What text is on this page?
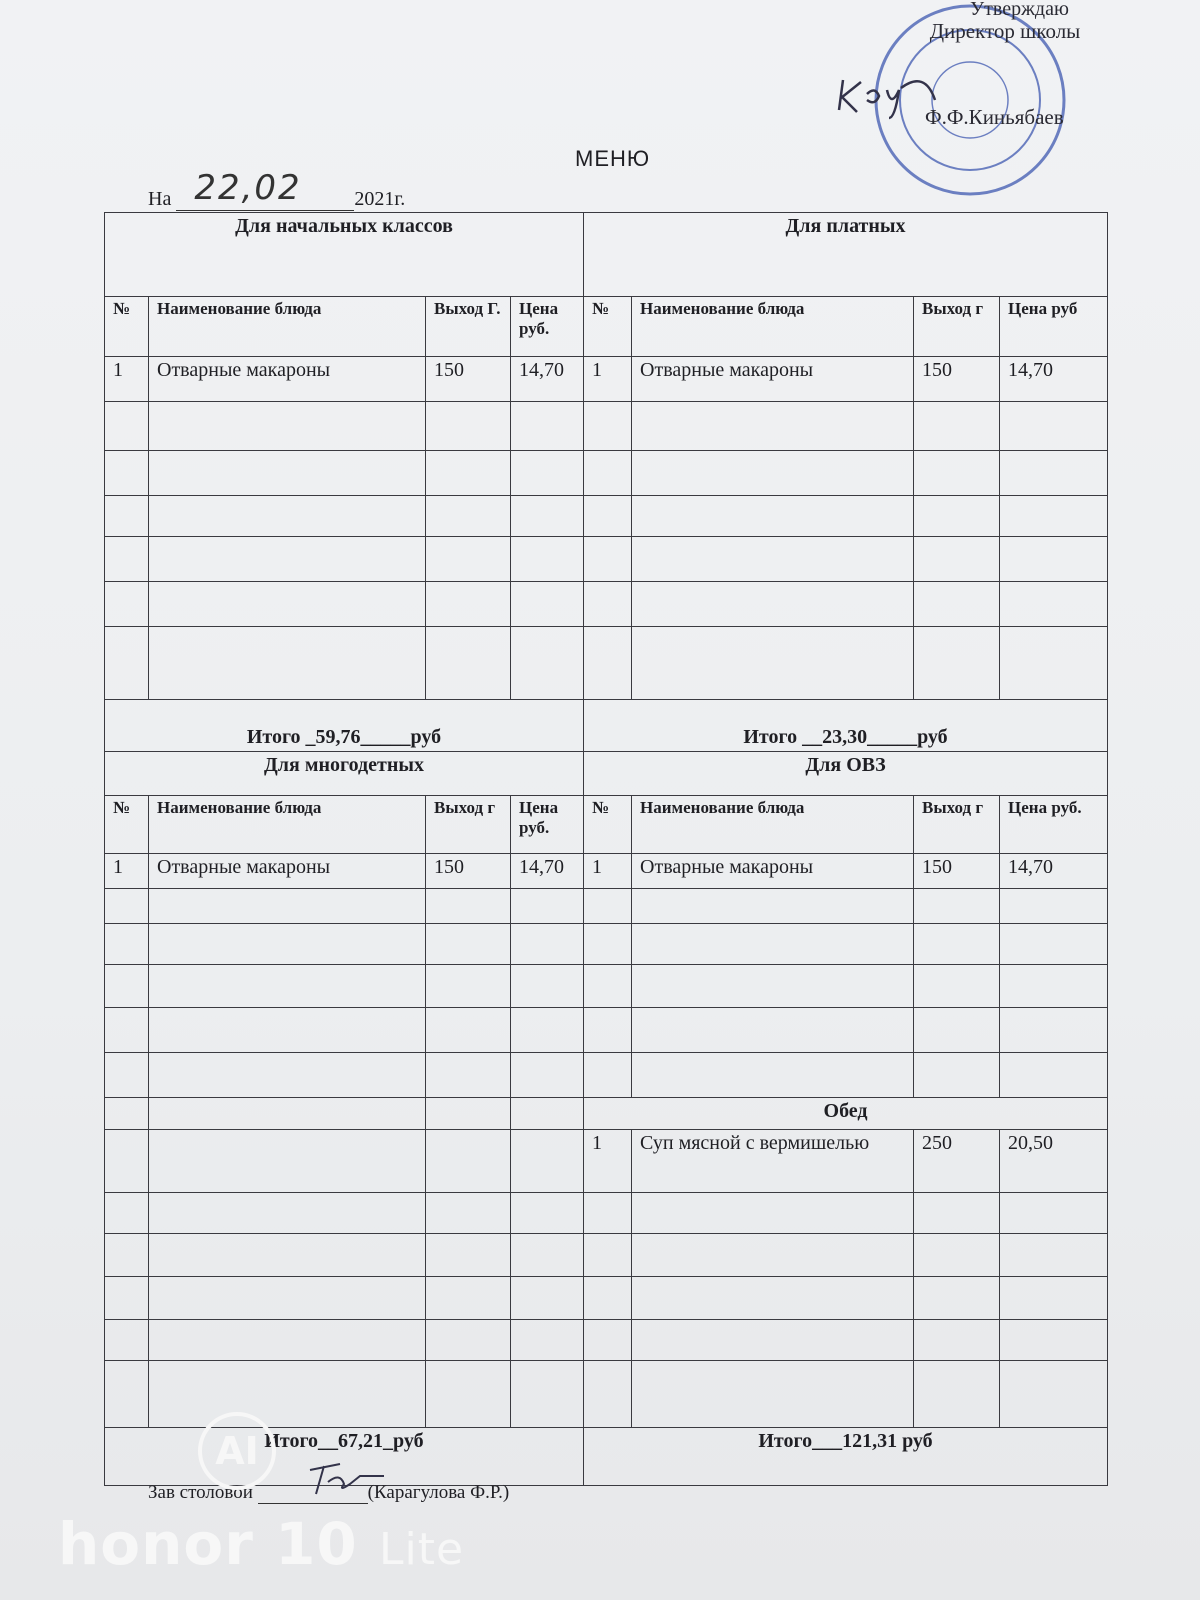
Утверждаю
Директор школы
Ф.Ф.Киньябаев
МЕНЮ
На 22,02	2021г.
Для начальных классов				Для платных			
№	Наименование блюда	Выход Г.	Цена руб.	№	Наименование блюда	Выход г	Цена руб
1	Отварные макароны	150	14,70	1	Отварные макароны	150	14,70

Итого _59,76_____руб				Итого __23,30_____руб			
Для многодетных				Для ОВЗ			
№	Наименование блюда	Выход г	Цена руб.	№	Наименование блюда	Выход г	Цена руб.
1	Отварные макароны	150	14,70	1	Отварные макароны	150	14,70

				Обед			
				1	Суп мясной с вермишелью	250	20,50

Итого__67,21_руб				Итого___121,31 руб			
Зав столовой	(Карагулова Ф.Р.)
AI
honor 10 Lite
